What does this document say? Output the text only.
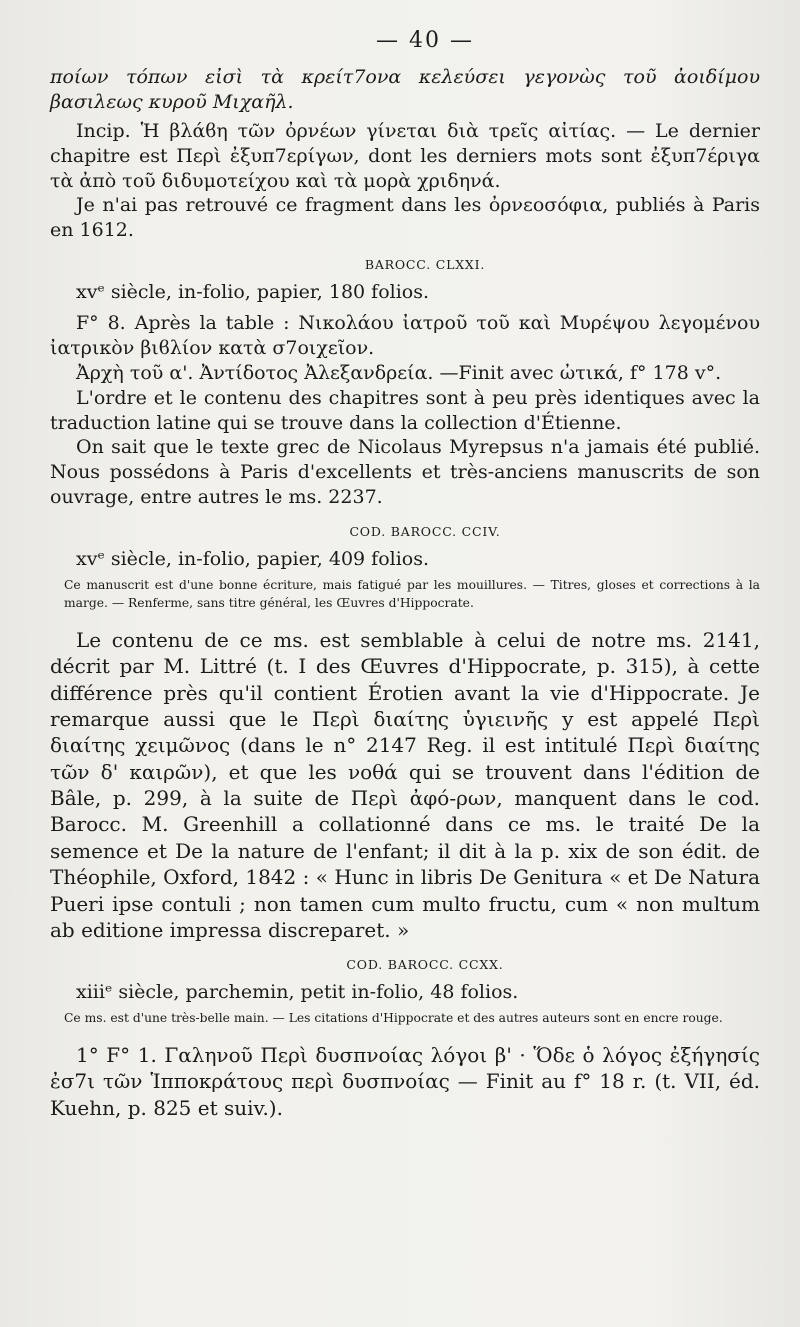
— 40 —

ποίων τόπων εἰσὶ τὰ κρείτ7ονα κελεύσει γεγονὼς τοῦ ἀοιδίμου βασιλεως κυροῦ Μιχαῆλ.

Incip. Ἡ βλάϐη τῶν ὀρνέων γίνεται διὰ τρεῖς αἰτίας. — Le dernier chapitre est Περὶ ἐξυπ7ερίγων, dont les derniers mots sont ἐξυπ7έριγα τὰ ἀπὸ τοῦ διδυμοτείχου καὶ τὰ μορὰ χριδηνά.

Je n'ai pas retrouvé ce fragment dans les ὀρνεοσόφια, publiés à Paris en 1612.

BAROCC. CLXXI.

xvᵉ siècle, in-folio, papier, 180 folios.

F° 8. Après la table : Νικολάου ἰατροῦ τοῦ καὶ Μυρέψου λεγομένου ἰατρικὸν βιϐλίον κατὰ σ7οιχεῖον.

Ἀρχὴ τοῦ α'. Ἀντίδοτος Ἀλεξανδρεία. —Finit avec ὠτικά, f° 178 v°.

L'ordre et le contenu des chapitres sont à peu près identiques avec la traduction latine qui se trouve dans la collection d'Étienne.

On sait que le texte grec de Nicolaus Myrepsus n'a jamais été publié. Nous possédons à Paris d'excellents et très-anciens manuscrits de son ouvrage, entre autres le ms. 2237.

COD. BAROCC. CCIV.

xvᵉ siècle, in-folio, papier, 409 folios.

Ce manuscrit est d'une bonne écriture, mais fatigué par les mouillures. — Titres, gloses et corrections à la marge. — Renferme, sans titre général, les Œuvres d'Hippocrate.

Le contenu de ce ms. est semblable à celui de notre ms. 2141, décrit par M. Littré (t. I des Œuvres d'Hippocrate, p. 315), à cette différence près qu'il contient Érotien avant la vie d'Hippocrate. Je remarque aussi que le Περὶ διαίτης ὑγιεινῆς y est appelé Περὶ διαίτης χειμῶνος (dans le n° 2147 Reg. il est intitulé Περὶ διαίτης τῶν δ' καιρῶν), et que les νοθά qui se trouvent dans l'édition de Bâle, p. 299, à la suite de Περὶ ἀφό-ρων, manquent dans le cod. Barocc. M. Greenhill a collationné dans ce ms. le traité De la semence et De la nature de l'enfant; il dit à la p. xix de son édit. de Théophile, Oxford, 1842 : « Hunc in libris De Genitura « et De Natura Pueri ipse contuli ; non tamen cum multo fructu, cum « non multum ab editione impressa discreparet. »

COD. BAROCC. CCXX.

xiiiᵉ siècle, parchemin, petit in-folio, 48 folios.

Ce ms. est d'une très-belle main. — Les citations d'Hippocrate et des autres auteurs sont en encre rouge.

1° F° 1. Γαληνοῦ Περὶ δυσπνοίας λόγοι β' · Ὅδε ὁ λόγος ἐξήγησίς ἐσ7ι τῶν Ἱπποκράτους περὶ δυσπνοίας — Finit au f° 18 r. (t. VII, éd. Kuehn, p. 825 et suiv.).
